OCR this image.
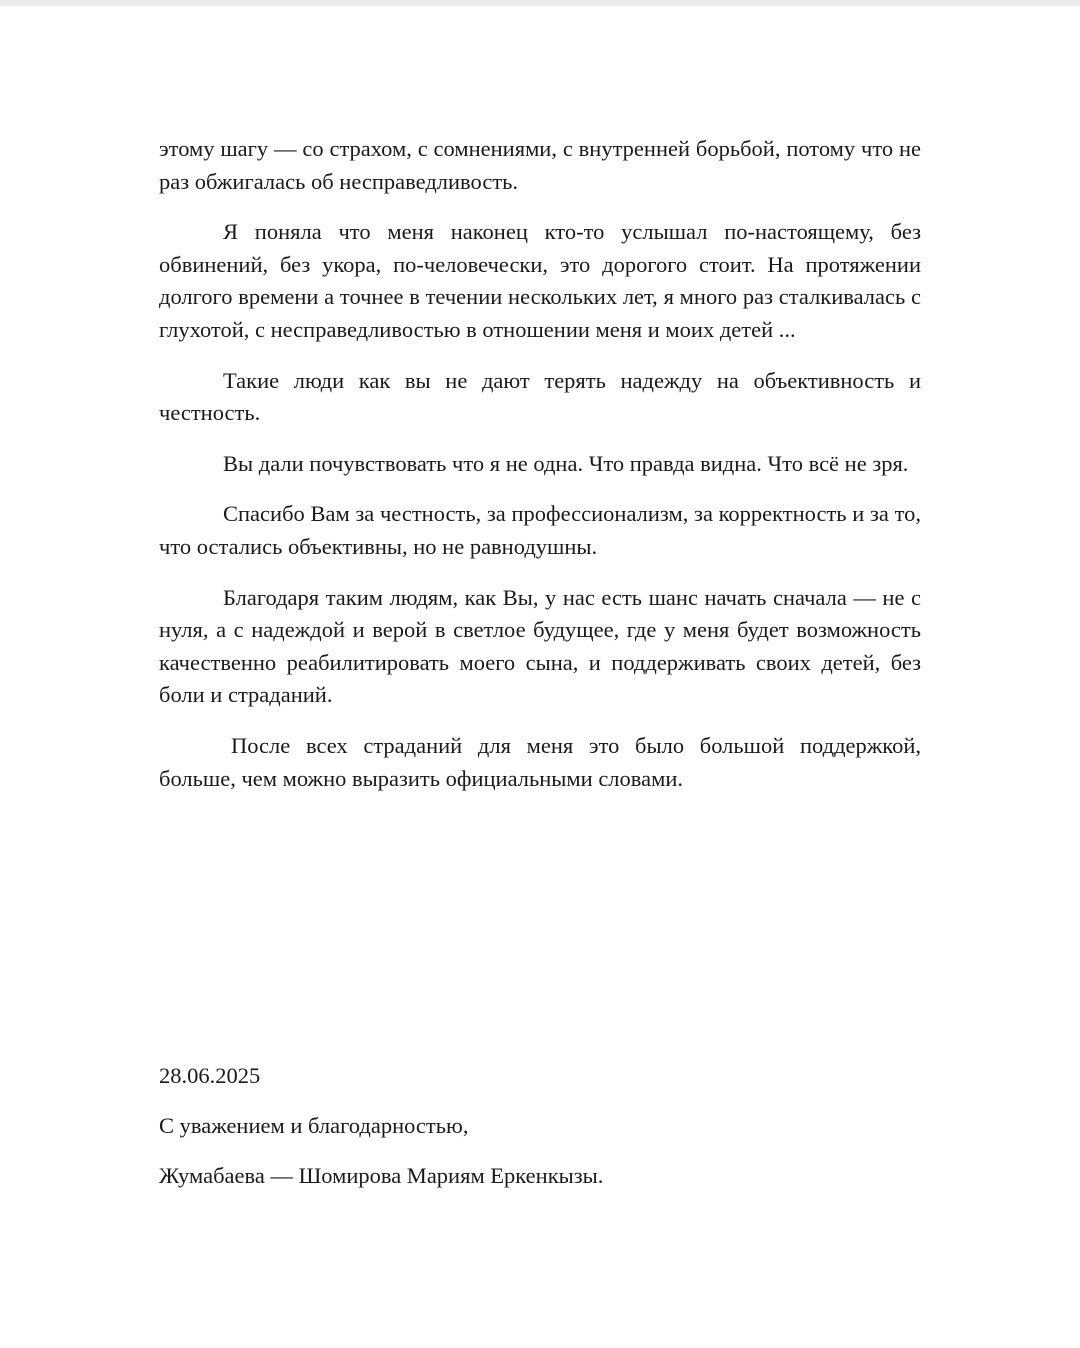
этому шагу — со страхом, с сомнениями, с внутренней борьбой, потому что не раз обжигалась об несправедливость.

Я поняла что меня наконец кто-то услышал по-настоящему, без обвинений, без укора, по-человечески, это дорогого стоит. На протяжении долгого времени а точнее в течении нескольких лет, я много раз сталкивалась с глухотой, с несправедливостью в отношении меня и моих детей ...

Такие люди как вы не дают терять надежду на объективность и честность.

Вы дали почувствовать что я не одна. Что правда видна. Что всё не зря.

Спасибо Вам за честность, за профессионализм, за корректность и за то, что остались объективны, но не равнодушны.

Благодаря таким людям, как Вы, у нас есть шанс начать сначала — не с нуля, а с надеждой и верой в светлое будущее, где у меня будет возможность качественно реабилитировать моего сына, и поддерживать своих детей, без боли и страданий.

После всех страданий для меня это было большой поддержкой, больше, чем можно выразить официальными словами.

28.06.2025
С уважением и благодарностью,
Жумабаева — Шомирова Мариям Еркенкызы.
